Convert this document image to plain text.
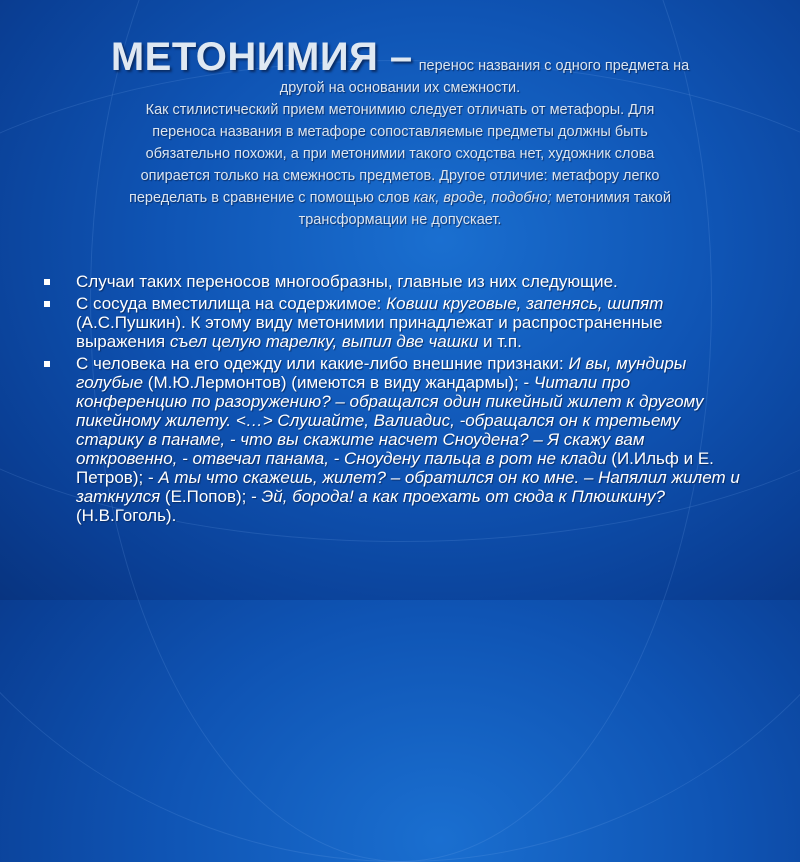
МЕТОНИМИЯ – перенос названия с одного предмета на
другой на основании их смежности.
Как стилистический прием метонимию следует отличать от метафоры. Для
переноса названия в метафоре сопоставляемые предметы должны быть
обязательно похожи, а при метонимии такого сходства нет, художник слова
опирается только на смежность предметов. Другое отличие: метафору легко
переделать в сравнение с помощью слов как, вроде, подобно; метонимия такой
трансформации не допускает.
Случаи таких переносов многообразны, главные из них следующие.
С сосуда вместилища на содержимое: Ковши круговые, запенясь, шипят (А.С.Пушкин). К этому виду метонимии принадлежат и распространенные выражения съел целую тарелку, выпил две чашки и т.п.
С человека на его одежду или какие-либо внешние признаки: И вы, мундиры голубые (М.Ю.Лермонтов) (имеются в виду жандармы); - Читали про конференцию по разоружению? – обращался один пикейный жилет к другому пикейному жилету. <…> Слушайте, Валиадис, -обращался он к третьему старику в панаме, - что вы скажите насчет Сноудена? – Я скажу вам откровенно, - отвечал панама, - Сноудену пальца в рот не клади (И.Ильф и Е. Петров); - А ты что скажешь, жилет? – обратился он ко мне. – Напялил жилет и заткнулся (Е.Попов); - Эй, борода! а как проехать от сюда к Плюшкину? (Н.В.Гоголь).
